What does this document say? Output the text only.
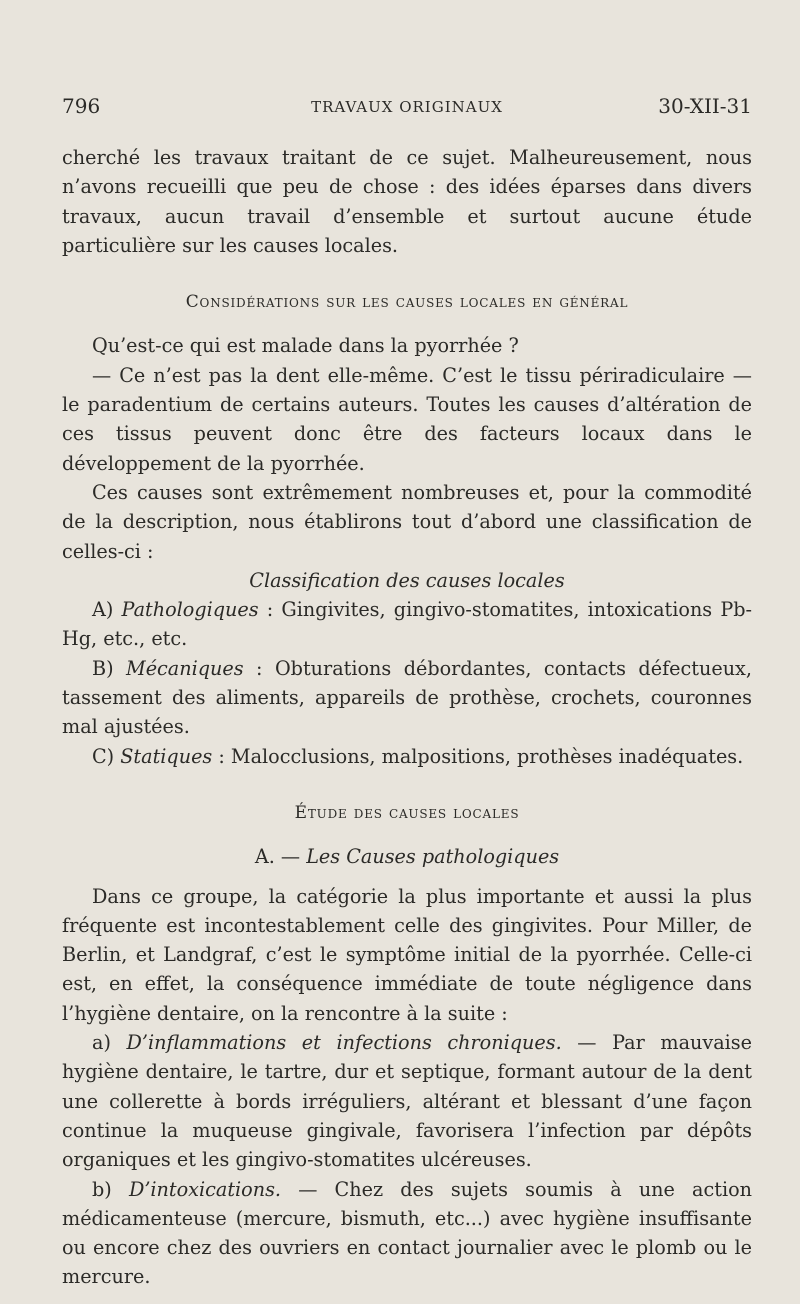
796	TRAVAUX ORIGINAUX	30-XII-31

cherché les travaux traitant de ce sujet. Malheureusement, nous n’avons recueilli que peu de chose : des idées éparses dans divers travaux, aucun travail d’ensemble et surtout aucune étude particulière sur les causes locales.

Considérations sur les causes locales en général

Qu’est-ce qui est malade dans la pyorrhée ?

— Ce n’est pas la dent elle-même. C’est le tissu périradiculaire — le paradentium de certains auteurs. Toutes les causes d’altération de ces tissus peuvent donc être des facteurs locaux dans le développement de la pyorrhée.

Ces causes sont extrêmement nombreuses et, pour la commodité de la description, nous établirons tout d’abord une classification de celles-ci :

Classification des causes locales

A) Pathologiques : Gingivites, gingivo-stomatites, intoxications Pb-Hg, etc., etc.

B) Mécaniques : Obturations débordantes, contacts défectueux, tassement des aliments, appareils de prothèse, crochets, couronnes mal ajustées.

C) Statiques : Malocclusions, malpositions, prothèses inadéquates.

Étude des causes locales

A. — Les Causes pathologiques

Dans ce groupe, la catégorie la plus importante et aussi la plus fréquente est incontestablement celle des gingivites. Pour Miller, de Berlin, et Landgraf, c’est le symptôme initial de la pyorrhée. Celle-ci est, en effet, la conséquence immédiate de toute négligence dans l’hygiène dentaire, on la rencontre à la suite :

a) D’inflammations et infections chroniques. — Par mauvaise hygiène dentaire, le tartre, dur et septique, formant autour de la dent une collerette à bords irréguliers, altérant et blessant d’une façon continue la muqueuse gingivale, favorisera l’infection par dépôts organiques et les gingivo-stomatites ulcéreuses.

b) D’intoxications. — Chez des sujets soumis à une action médicamenteuse (mercure, bismuth, etc...) avec hygiène insuffisante ou encore chez des ouvriers en contact journalier avec le plomb ou le mercure.
